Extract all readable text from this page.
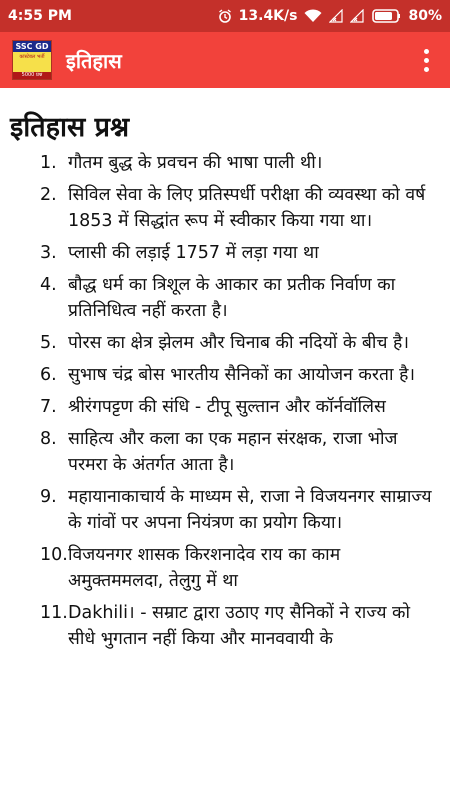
4:55 PM	13.4K/s	80%
SSC GD
कांस्टेबल भर्ती
5000 प्रश्न
इतिहास
इतिहास प्रश्न
1. गौतम बुद्ध के प्रवचन की भाषा पाली थी।
2. सिविल सेवा के लिए प्रतिस्पर्धी परीक्षा की व्यवस्था को वर्ष 1853 में सिद्धांत रूप में स्वीकार किया गया था।
3. प्लासी की लड़ाई 1757 में लड़ा गया था
4. बौद्ध धर्म का त्रिशूल के आकार का प्रतीक निर्वाण का प्रतिनिधित्व नहीं करता है।
5. पोरस का क्षेत्र झेलम और चिनाब की नदियों के बीच है।
6. सुभाष चंद्र बोस भारतीय सैनिकों का आयोजन करता है।
7. श्रीरंगपट्टण की संधि - टीपू सुल्तान और कॉर्नवॉलिस
8. साहित्य और कला का एक महान संरक्षक, राजा भोज परमरा के अंतर्गत आता है।
9. महायानाकाचार्य के माध्यम से, राजा ने विजयनगर साम्राज्य के गांवों पर अपना नियंत्रण का प्रयोग किया।
10. विजयनगर शासक किरशनादेव राय का काम अमुक्तममलदा, तेलुगु में था
11. Dakhili। - सम्राट द्वारा उठाए गए सैनिकों ने राज्य को सीधे भुगतान नहीं किया और मानववायी के
